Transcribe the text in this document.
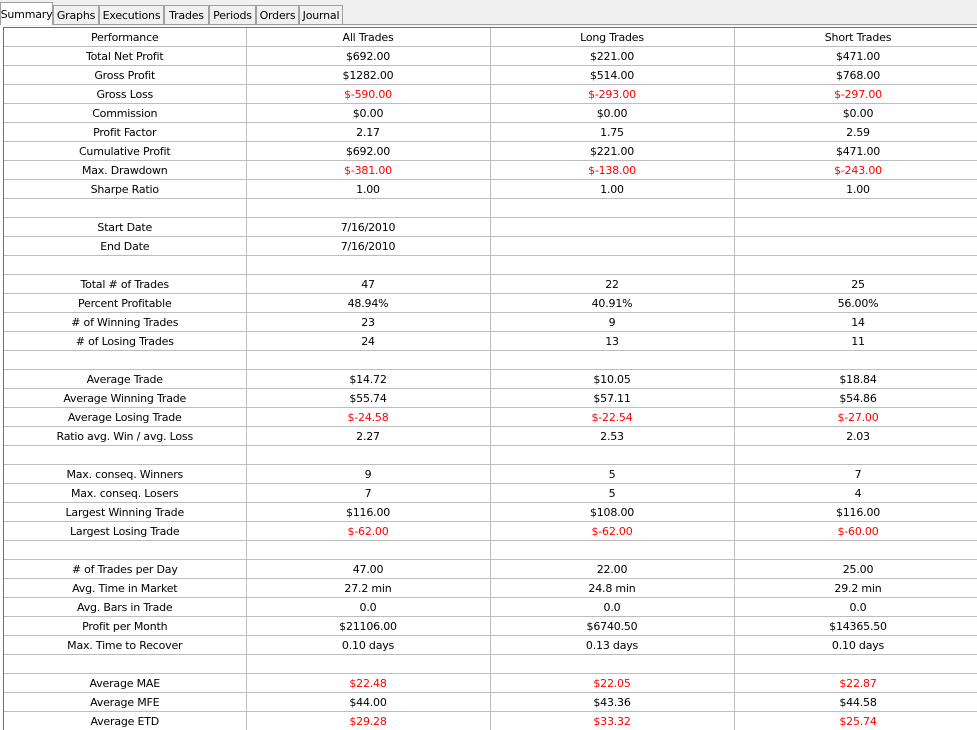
Summary Graphs Executions Trades Periods Orders Journal
Performance	All Trades	Long Trades	Short Trades
Total Net Profit	$692.00	$221.00	$471.00
Gross Profit	$1282.00	$514.00	$768.00
Gross Loss	$-590.00	$-293.00	$-297.00
Commission	$0.00	$0.00	$0.00
Profit Factor	2.17	1.75	2.59
Cumulative Profit	$692.00	$221.00	$471.00
Max. Drawdown	$-381.00	$-138.00	$-243.00
Sharpe Ratio	1.00	1.00	1.00

Start Date	7/16/2010		
End Date	7/16/2010		

Total # of Trades	47	22	25
Percent Profitable	48.94%	40.91%	56.00%
# of Winning Trades	23	9	14
# of Losing Trades	24	13	11

Average Trade	$14.72	$10.05	$18.84
Average Winning Trade	$55.74	$57.11	$54.86
Average Losing Trade	$-24.58	$-22.54	$-27.00
Ratio avg. Win / avg. Loss	2.27	2.53	2.03

Max. conseq. Winners	9	5	7
Max. conseq. Losers	7	5	4
Largest Winning Trade	$116.00	$108.00	$116.00
Largest Losing Trade	$-62.00	$-62.00	$-60.00

# of Trades per Day	47.00	22.00	25.00
Avg. Time in Market	27.2 min	24.8 min	29.2 min
Avg. Bars in Trade	0.0	0.0	0.0
Profit per Month	$21106.00	$6740.50	$14365.50
Max. Time to Recover	0.10 days	0.13 days	0.10 days

Average MAE	$22.48	$22.05	$22.87
Average MFE	$44.00	$43.36	$44.58
Average ETD	$29.28	$33.32	$25.74
